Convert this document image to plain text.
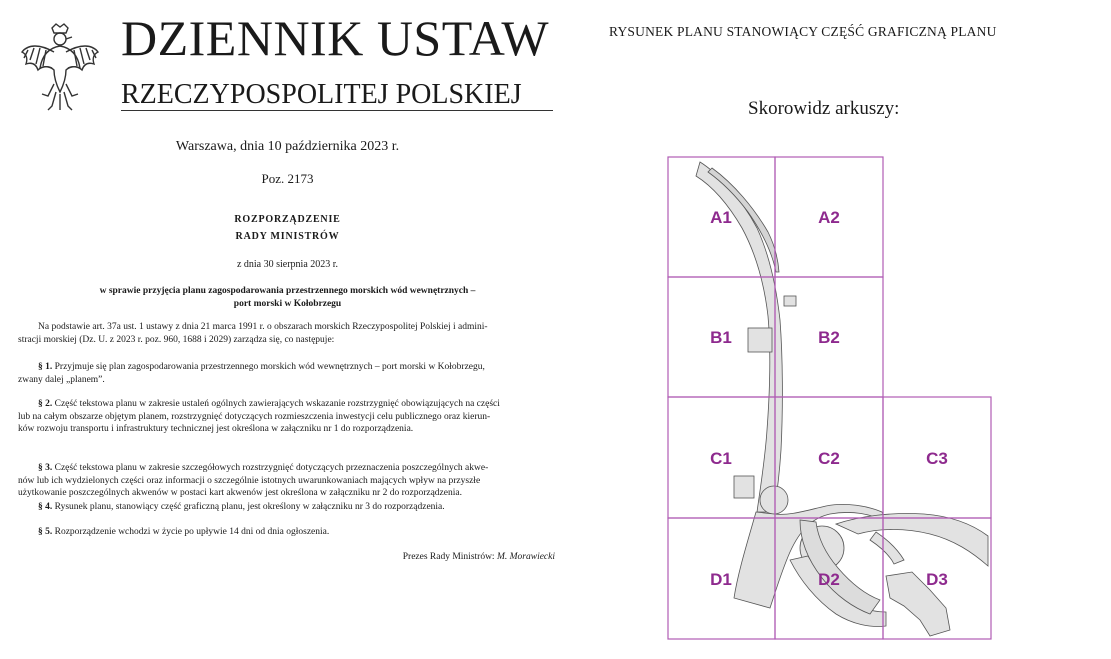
DZIENNIK USTAW
RZECZYPOSPOLITEJ POLSKIEJ
Warszawa, dnia 10 października 2023 r.
Poz. 2173
ROZPORZĄDZENIE
RADY MINISTRÓW
z dnia 30 sierpnia 2023 r.
w sprawie przyjęcia planu zagospodarowania przestrzennego morskich wód wewnętrznych –
port morski w Kołobrzegu
Na podstawie art. 37a ust. 1 ustawy z dnia 21 marca 1991 r. o obszarach morskich Rzeczypospolitej Polskiej i admini-
stracji morskiej (Dz. U. z 2023 r. poz. 960, 1688 i 2029) zarządza się, co następuje:
§ 1. Przyjmuje się plan zagospodarowania przestrzennego morskich wód wewnętrznych – port morski w Kołobrzegu,
zwany dalej „planem”.
§ 2. Część tekstowa planu w zakresie ustaleń ogólnych zawierających wskazanie rozstrzygnięć obowiązujących na części
lub na całym obszarze objętym planem, rozstrzygnięć dotyczących rozmieszczenia inwestycji celu publicznego oraz kierun-
ków rozwoju transportu i infrastruktury technicznej jest określona w załączniku nr 1 do rozporządzenia.
§ 3. Część tekstowa planu w zakresie szczegółowych rozstrzygnięć dotyczących przeznaczenia poszczególnych akwe-
nów lub ich wydzielonych części oraz informacji o szczególnie istotnych uwarunkowaniach mających wpływ na przyszłe
użytkowanie poszczególnych akwenów w postaci kart akwenów jest określona w załączniku nr 2 do rozporządzenia.
§ 4. Rysunek planu, stanowiący część graficzną planu, jest określony w załączniku nr 3 do rozporządzenia.
§ 5. Rozporządzenie wchodzi w życie po upływie 14 dni od dnia ogłoszenia.
Prezes Rady Ministrów: M. Morawiecki
RYSUNEK PLANU STANOWIĄCY CZĘŚĆ GRAFICZNĄ PLANU
Skorowidz arkuszy:
A1	A2
B1	B2
C1	C2	C3
D1	D2	D3
